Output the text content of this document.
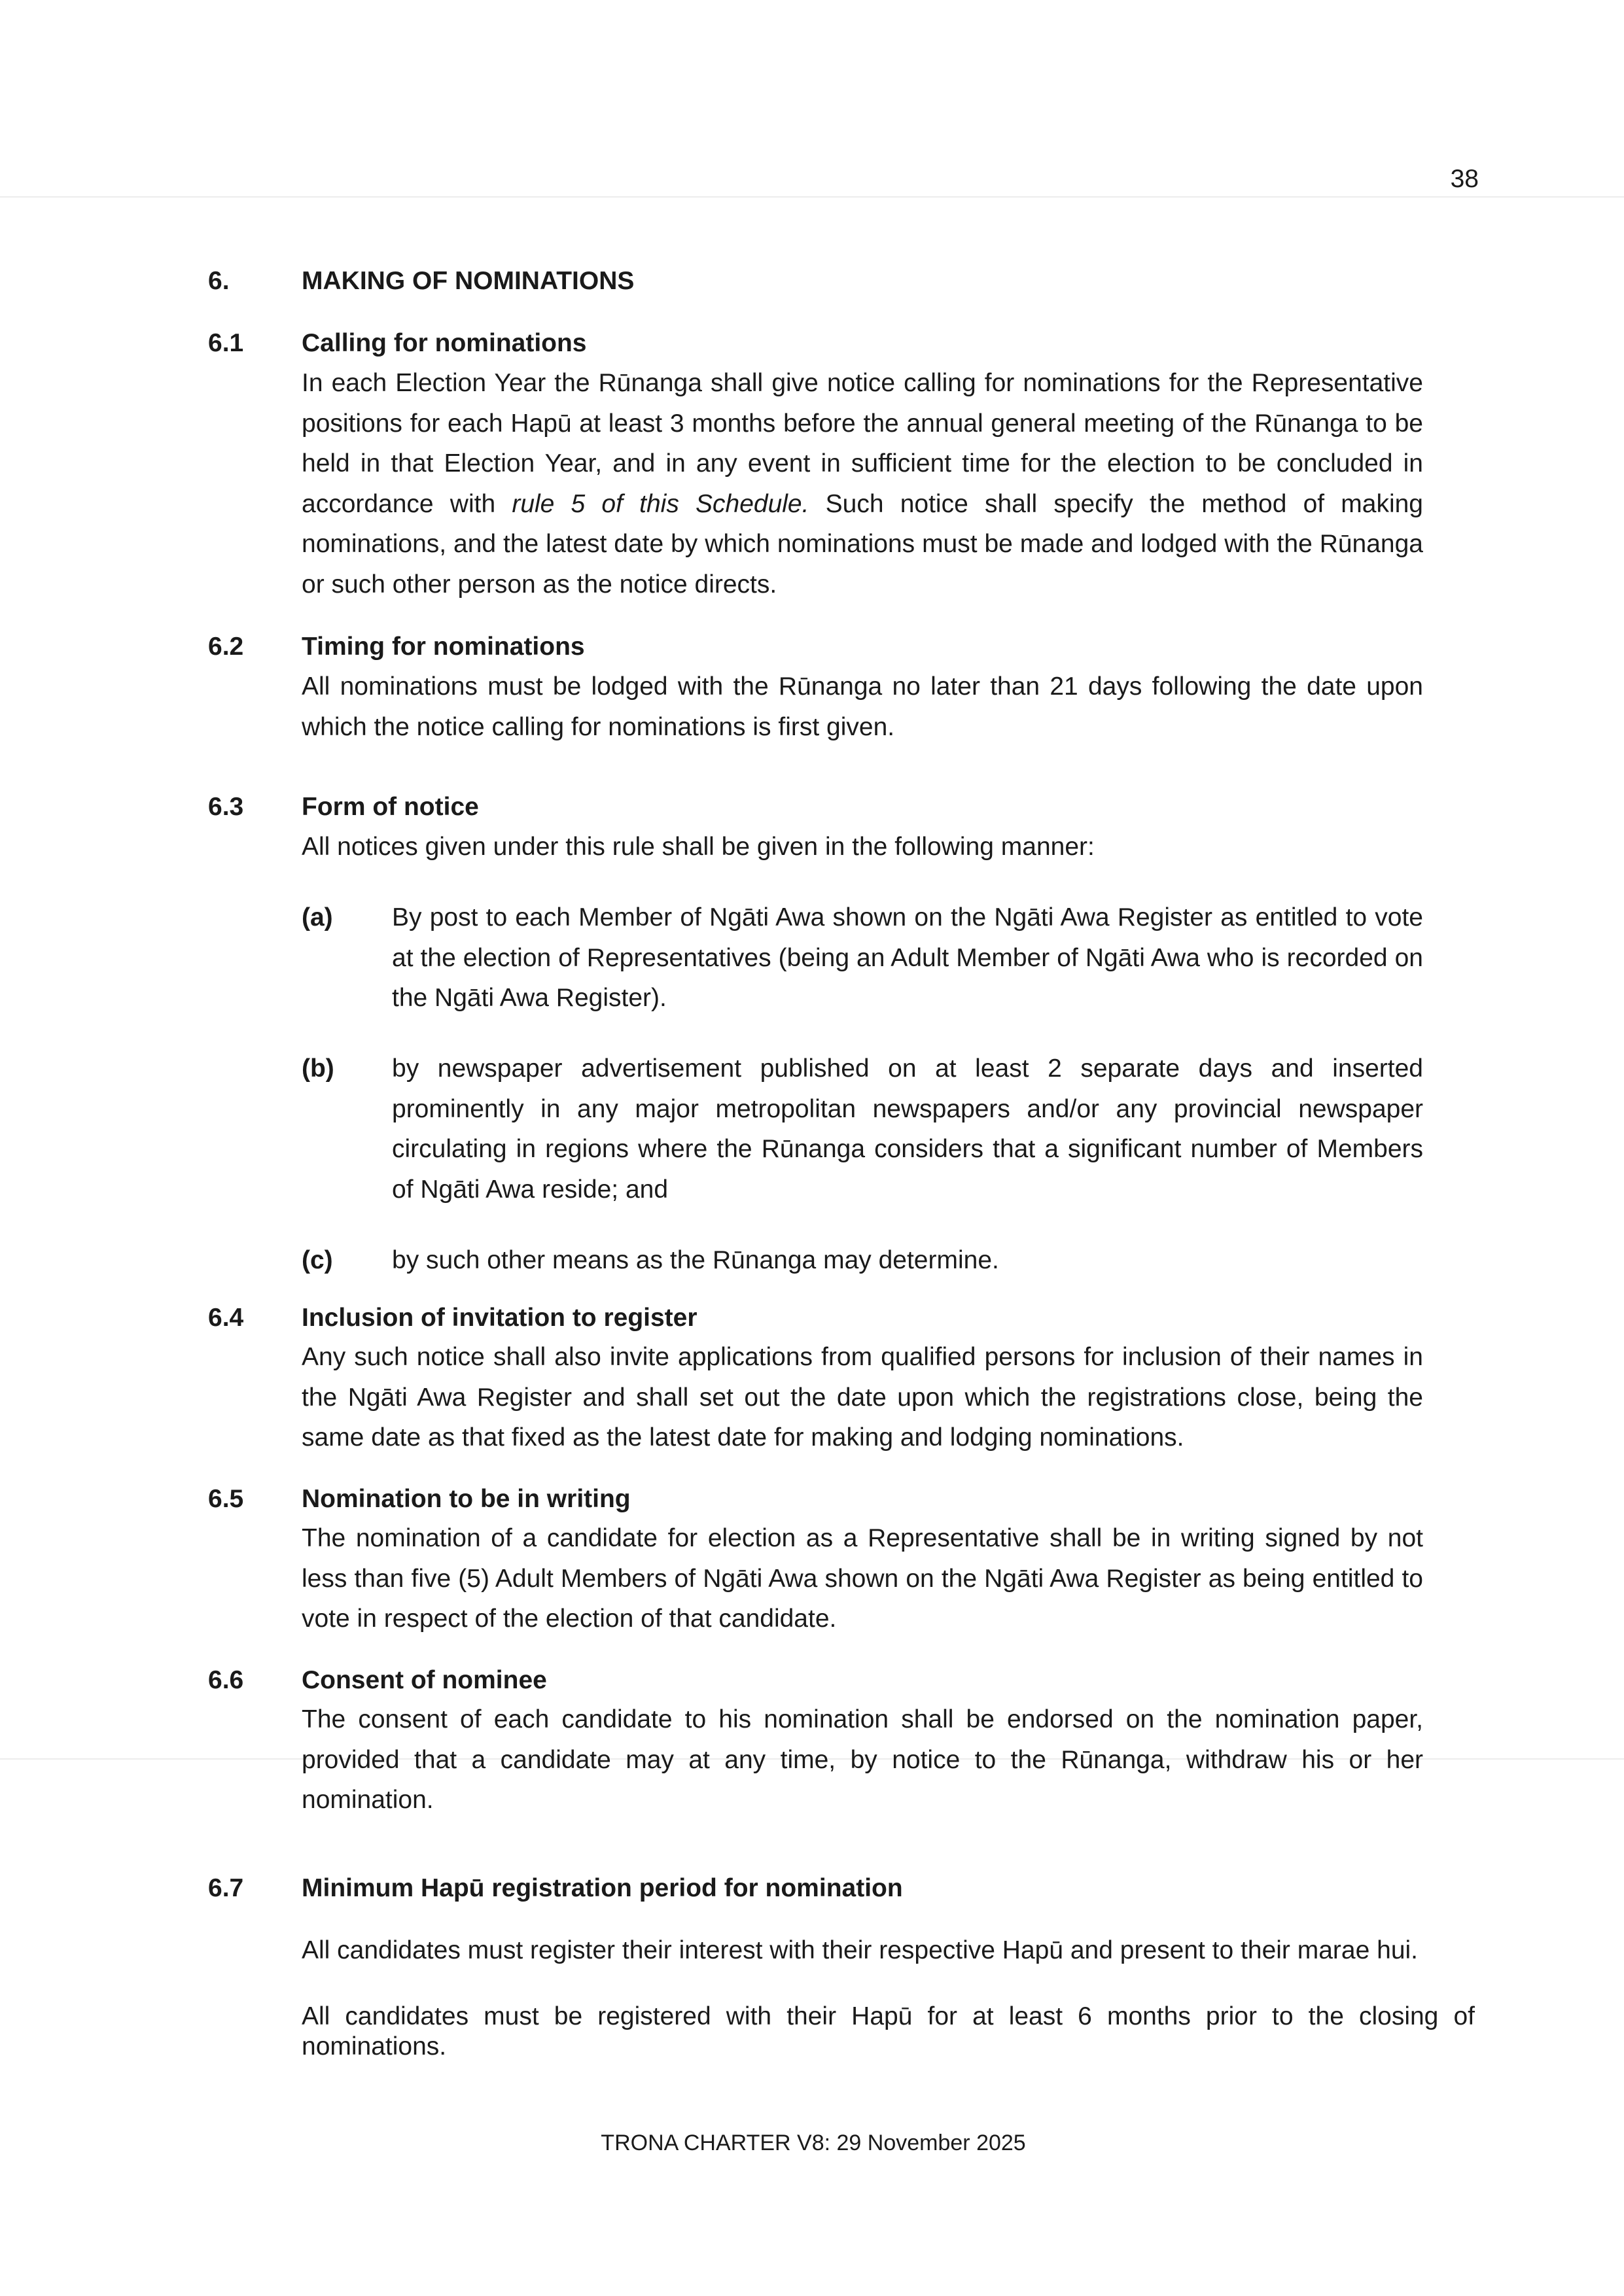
38
6.	MAKING OF NOMINATIONS
6.1 Calling for nominations
In each Election Year the Rūnanga shall give notice calling for nominations for the Representative positions for each Hapū at least 3 months before the annual general meeting of the Rūnanga to be held in that Election Year, and in any event in sufficient time for the election to be concluded in accordance with rule 5 of this Schedule. Such notice shall specify the method of making nominations, and the latest date by which nominations must be made and lodged with the Rūnanga or such other person as the notice directs.
6.2 Timing for nominations
All nominations must be lodged with the Rūnanga no later than 21 days following the date upon which the notice calling for nominations is first given.
6.3 Form of notice
All notices given under this rule shall be given in the following manner:
(a) By post to each Member of Ngāti Awa shown on the Ngāti Awa Register as entitled to vote at the election of Representatives (being an Adult Member of Ngāti Awa who is recorded on the Ngāti Awa Register).
(b) by newspaper advertisement published on at least 2 separate days and inserted prominently in any major metropolitan newspapers and/or any provincial newspaper circulating in regions where the Rūnanga considers that a significant number of Members of Ngāti Awa reside; and
(c) by such other means as the Rūnanga may determine.
6.4 Inclusion of invitation to register
Any such notice shall also invite applications from qualified persons for inclusion of their names in the Ngāti Awa Register and shall set out the date upon which the registrations close, being the same date as that fixed as the latest date for making and lodging nominations.
6.5 Nomination to be in writing
The nomination of a candidate for election as a Representative shall be in writing signed by not less than five (5) Adult Members of Ngāti Awa shown on the Ngāti Awa Register as being entitled to vote in respect of the election of that candidate.
6.6 Consent of nominee
The consent of each candidate to his nomination shall be endorsed on the nomination paper, provided that a candidate may at any time, by notice to the Rūnanga, withdraw his or her nomination.
6.7 Minimum Hapū registration period for nomination
All candidates must register their interest with their respective Hapū and present to their marae hui.
All candidates must be registered with their Hapū for at least 6 months prior to the closing of nominations.
TRONA CHARTER V8: 29 November 2025
